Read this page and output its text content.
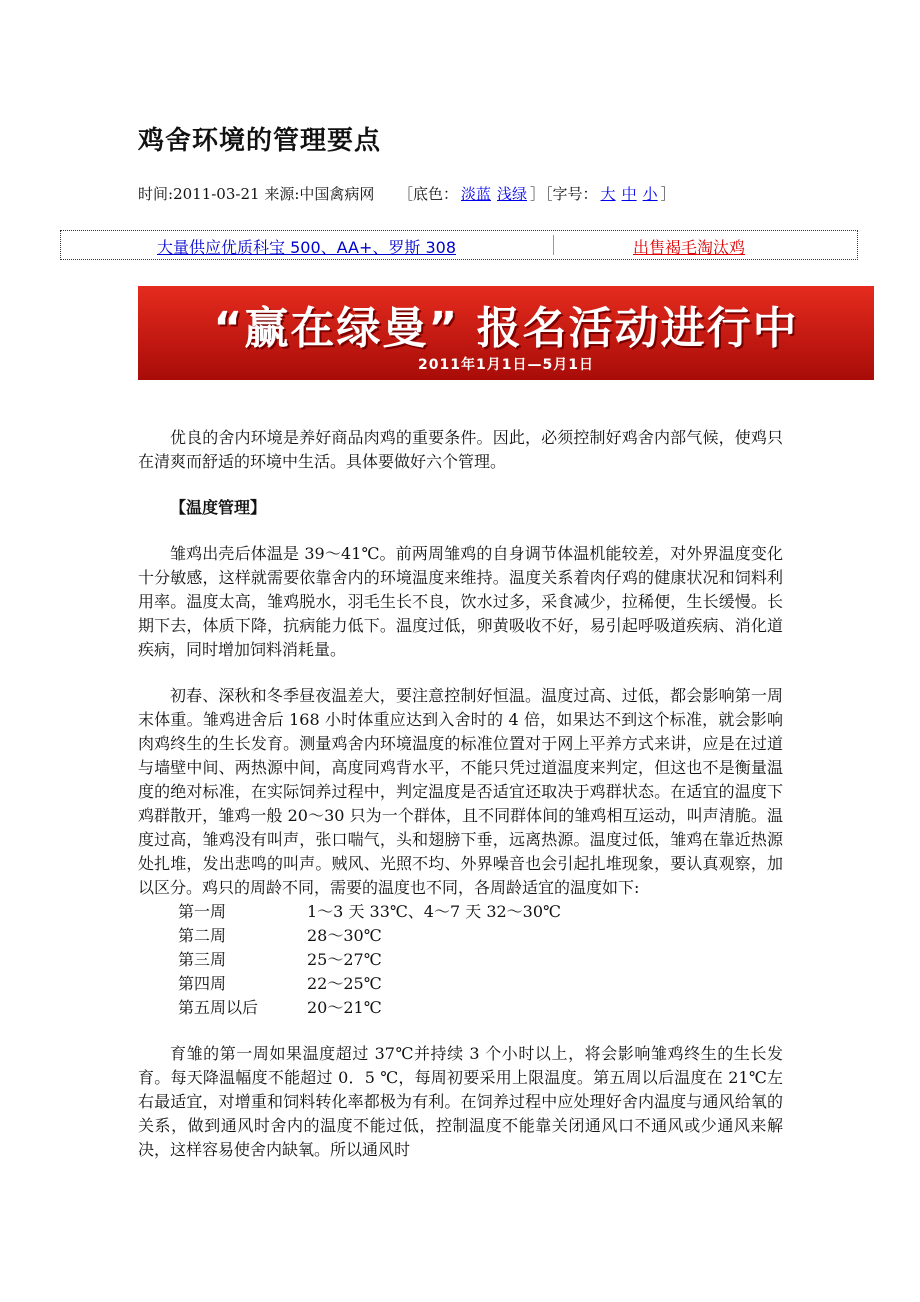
鸡舍环境的管理要点
时间:2011-03-21 来源:中国禽病网 ［底色： 淡蓝 浅绿 ］［字号： 大 中 小 ］
大量供应优质科宝 500、AA+、罗斯 308	出售褐毛淘汰鸡
“赢在绿曼” 报名活动进行中
2011年1月1日—5月1日

优良的舍内环境是养好商品肉鸡的重要条件。因此，必须控制好鸡舍内部气候，使鸡只在清爽而舒适的环境中生活。具体要做好六个管理。

【温度管理】

雏鸡出壳后体温是 39～41℃。前两周雏鸡的自身调节体温机能较差，对外界温度变化十分敏感，这样就需要依靠舍内的环境温度来维持。温度关系着肉仔鸡的健康状况和饲料利用率。温度太高，雏鸡脱水，羽毛生长不良，饮水过多，采食减少，拉稀便，生长缓慢。长期下去，体质下降，抗病能力低下。温度过低，卵黄吸收不好，易引起呼吸道疾病、消化道疾病，同时增加饲料消耗量。

初春、深秋和冬季昼夜温差大，要注意控制好恒温。温度过高、过低，都会影响第一周末体重。雏鸡进舍后 168 小时体重应达到入舍时的 4 倍，如果达不到这个标准，就会影响肉鸡终生的生长发育。测量鸡舍内环境温度的标准位置对于网上平养方式来讲，应是在过道与墙壁中间、两热源中间，高度同鸡背水平，不能只凭过道温度来判定，但这也不是衡量温度的绝对标准，在实际饲养过程中，判定温度是否适宜还取决于鸡群状态。在适宜的温度下鸡群散开，雏鸡一般 20～30 只为一个群体，且不同群体间的雏鸡相互运动，叫声清脆。温度过高，雏鸡没有叫声，张口喘气，头和翅膀下垂，远离热源。温度过低，雏鸡在靠近热源处扎堆，发出悲鸣的叫声。贼风、光照不均、外界噪音也会引起扎堆现象，要认真观察，加以区分。鸡只的周龄不同，需要的温度也不同，各周龄适宜的温度如下:

第一周	1～3 天 33℃、4～7 天 32～30℃
第二周	28～30℃
第三周	25～27℃
第四周	22～25℃
第五周以后	20～21℃

育雏的第一周如果温度超过 37℃并持续 3 个小时以上，将会影响雏鸡终生的生长发育。每天降温幅度不能超过 0．5 ℃，每周初要采用上限温度。第五周以后温度在 21℃左右最适宜，对增重和饲料转化率都极为有利。在饲养过程中应处理好舍内温度与通风给氧的关系，做到通风时舍内的温度不能过低，控制温度不能靠关闭通风口不通风或少通风来解决，这样容易使舍内缺氧。所以通风时
